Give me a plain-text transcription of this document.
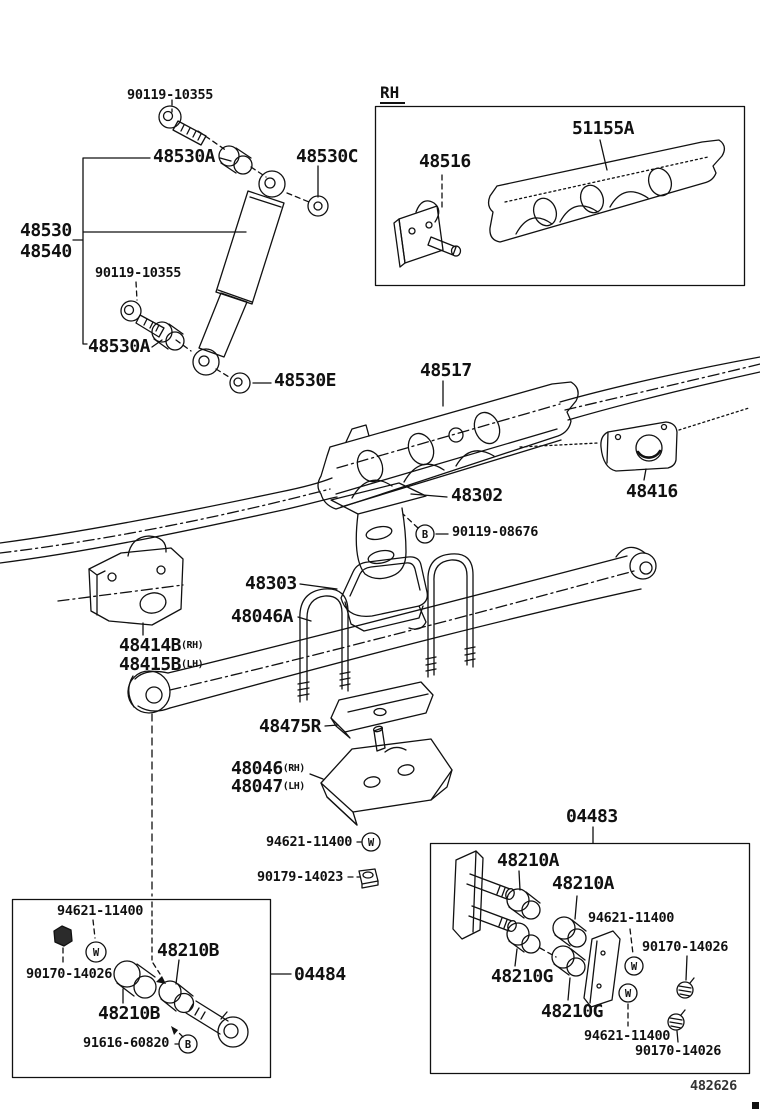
B
W
W
B
W
W
90119-10355
48530A	48530C
48530
48540
90119-10355
48530A
48530E
RH
51155A
48516
48517
48302
90119-08676
48416
48303
48046A
48414B(RH)
48415B(LH)
48475R
48046(RH)
48047(LH)
94621-11400
90179-14023
94621-11400
90170-14026
48210B
48210B
91616-60820
04484
04483
48210A
48210A
94621-11400
90170-14026
48210G
48210G
94621-11400
90170-14026
482626
